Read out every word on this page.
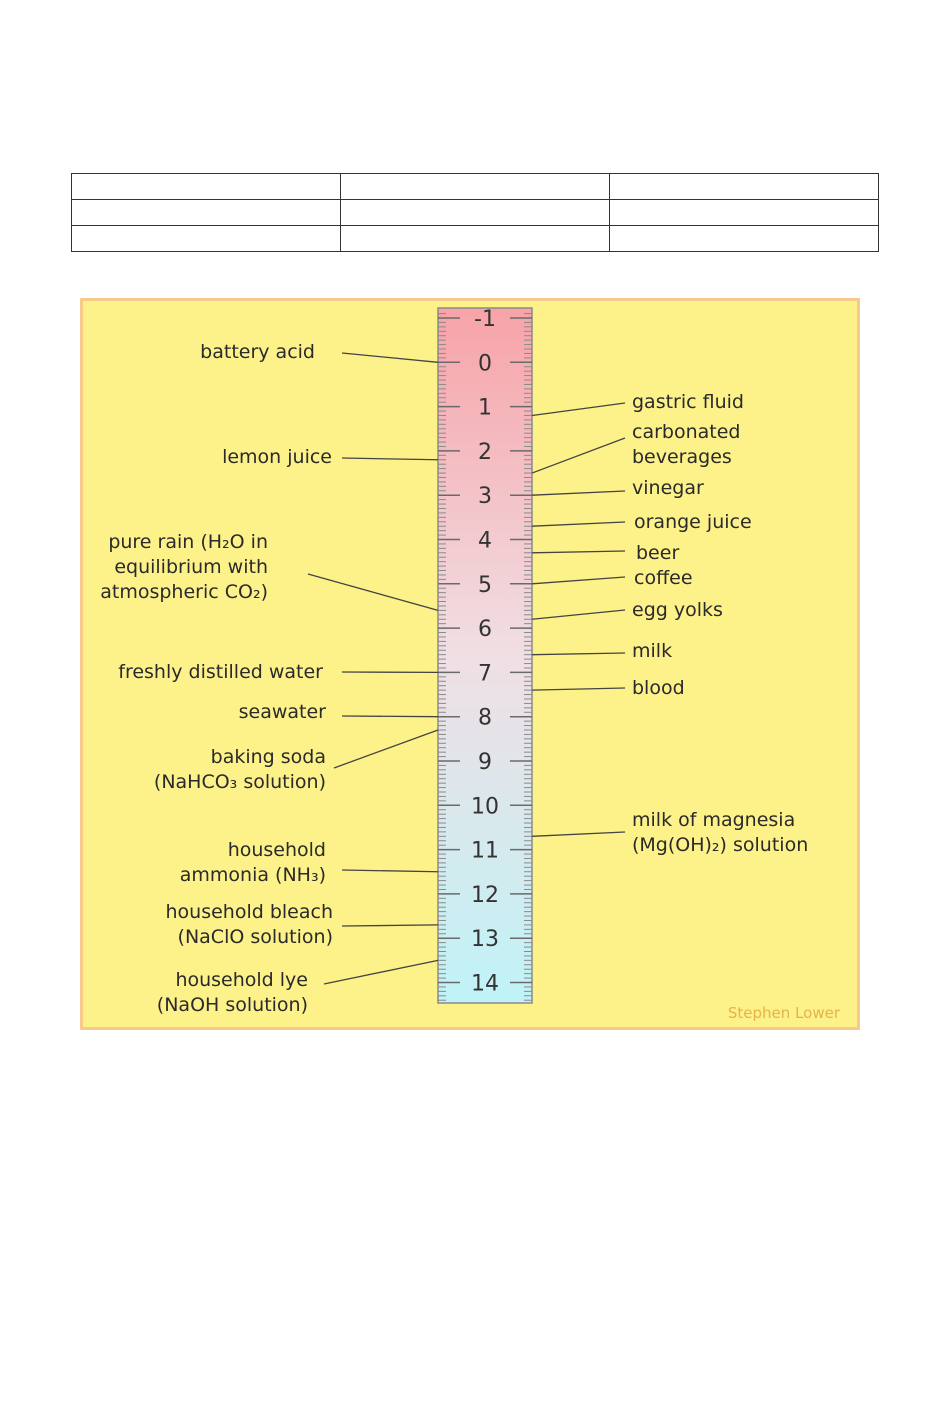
-1
0
1
2
3
4
5
6
7
8
9
10
11
12
13
14
battery acid
lemon juice
pure rain (H₂O in equilibrium with atmospheric CO₂)
freshly distilled water
seawater
baking soda (NaHCO₃ solution)
household ammonia (NH₃)
household bleach (NaClO solution)
household lye (NaOH solution)
gastric fluid
carbonated beverages
vinegar
orange juice
beer
coffee
egg yolks
milk
blood
milk of magnesia (Mg(OH)₂) solution
Stephen Lower
